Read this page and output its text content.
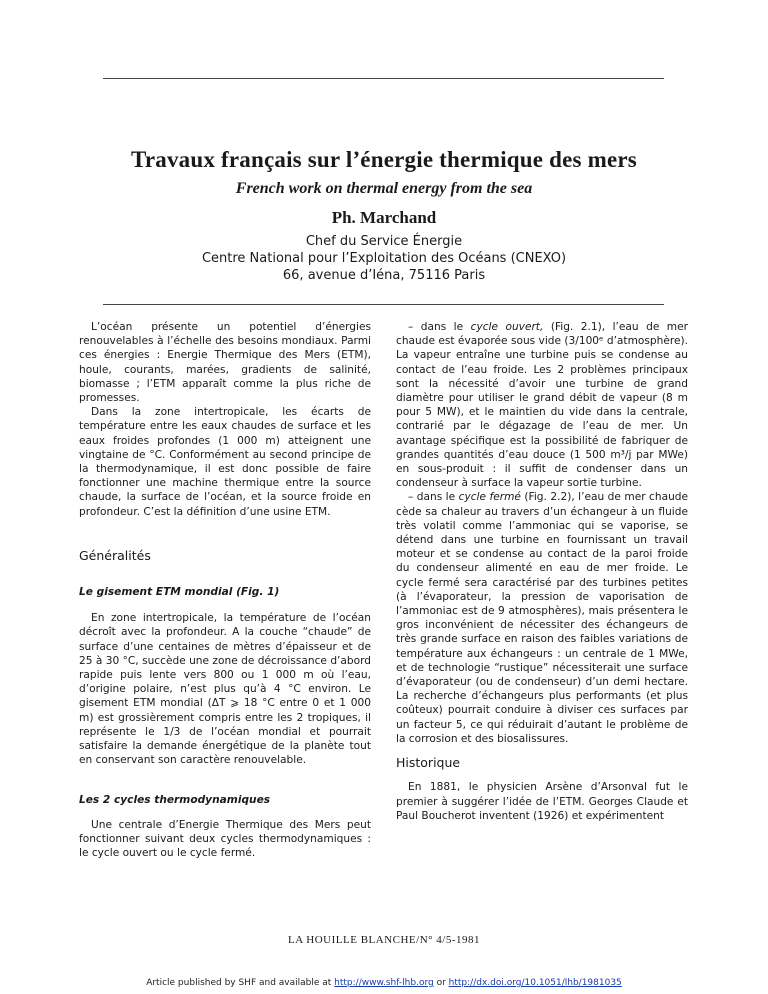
Travaux français sur l’énergie thermique des mers
French work on thermal energy from the sea
Ph. Marchand
Chef du Service Énergie
Centre National pour l’Exploitation des Océans (CNEXO)
66, avenue d’Iéna, 75116 Paris

L’océan présente un potentiel d’énergies renouvelables à l’échelle des besoins mondiaux. Parmi ces énergies : Energie Thermique des Mers (ETM), houle, courants, marées, gradients de salinité, biomasse ; l’ETM apparaît comme la plus riche de promesses.

Dans la zone intertropicale, les écarts de température entre les eaux chaudes de surface et les eaux froides profondes (1 000 m) atteignent une vingtaine de °C. Conformément au second principe de la thermodynamique, il est donc possible de faire fonctionner une machine thermique entre la source chaude, la surface de l’océan, et la source froide en profondeur. C’est la définition d’une usine ETM.

Généralités
Le gisement ETM mondial (Fig. 1)

En zone intertropicale, la température de l’océan décroît avec la profondeur. A la couche “chaude” de surface d’une centaines de mètres d’épaisseur et de 25 à 30 °C, succède une zone de décroissance d’abord rapide puis lente vers 800 ou 1 000 m où l’eau, d’origine polaire, n’est plus qu’à 4 °C environ. Le gisement ETM mondial (ΔT ⩾ 18 °C entre 0 et 1 000 m) est grossièrement compris entre les 2 tropiques, il représente le 1/3 de l’océan mondial et pourrait satisfaire la demande énergétique de la planète tout en conservant son caractère renouvelable.

Les 2 cycles thermodynamiques

Une centrale d’Energie Thermique des Mers peut fonctionner suivant deux cycles thermodynamiques : le cycle ouvert ou le cycle fermé.

– dans le cycle ouvert, (Fig. 2.1), l’eau de mer chaude est évaporée sous vide (3/100ᵉ d’atmosphère). La vapeur entraîne une turbine puis se condense au contact de l’eau froide. Les 2 problèmes principaux sont la nécessité d’avoir une turbine de grand diamètre pour utiliser le grand débit de vapeur (8 m pour 5 MW), et le maintien du vide dans la centrale, contrarié par le dégazage de l’eau de mer. Un avantage spécifique est la possibilité de fabriquer de grandes quantités d’eau douce (1 500 m³/j par MWe) en sous-produit : il suffit de condenser dans un condenseur à surface la vapeur sortie turbine.

– dans le cycle fermé (Fig. 2.2), l’eau de mer chaude cède sa chaleur au travers d’un échangeur à un fluide très volatil comme l’ammoniac qui se vaporise, se détend dans une turbine en fournissant un travail moteur et se condense au contact de la paroi froide du condenseur alimenté en eau de mer froide. Le cycle fermé sera caractérisé par des turbines petites (à l’évaporateur, la pression de vaporisation de l’ammoniac est de 9 atmosphères), mais présentera le gros inconvénient de nécessiter des échangeurs de très grande surface en raison des faibles variations de température aux échangeurs : un centrale de 1 MWe, et de technologie “rustique” nécessiterait une surface d’évaporateur (ou de condenseur) d’un demi hectare. La recherche d’échangeurs plus performants (et plus coûteux) pourrait conduire à diviser ces surfaces par un facteur 5, ce qui réduirait d’autant le problème de la corrosion et des biosalissures.

Historique

En 1881, le physicien Arsène d’Arsonval fut le premier à suggérer l’idée de l’ETM. Georges Claude et Paul Boucherot inventent (1926) et expérimentent

LA HOUILLE BLANCHE/N° 4/5-1981
Article published by SHF and available at http://www.shf-lhb.org or http://dx.doi.org/10.1051/lhb/1981035
